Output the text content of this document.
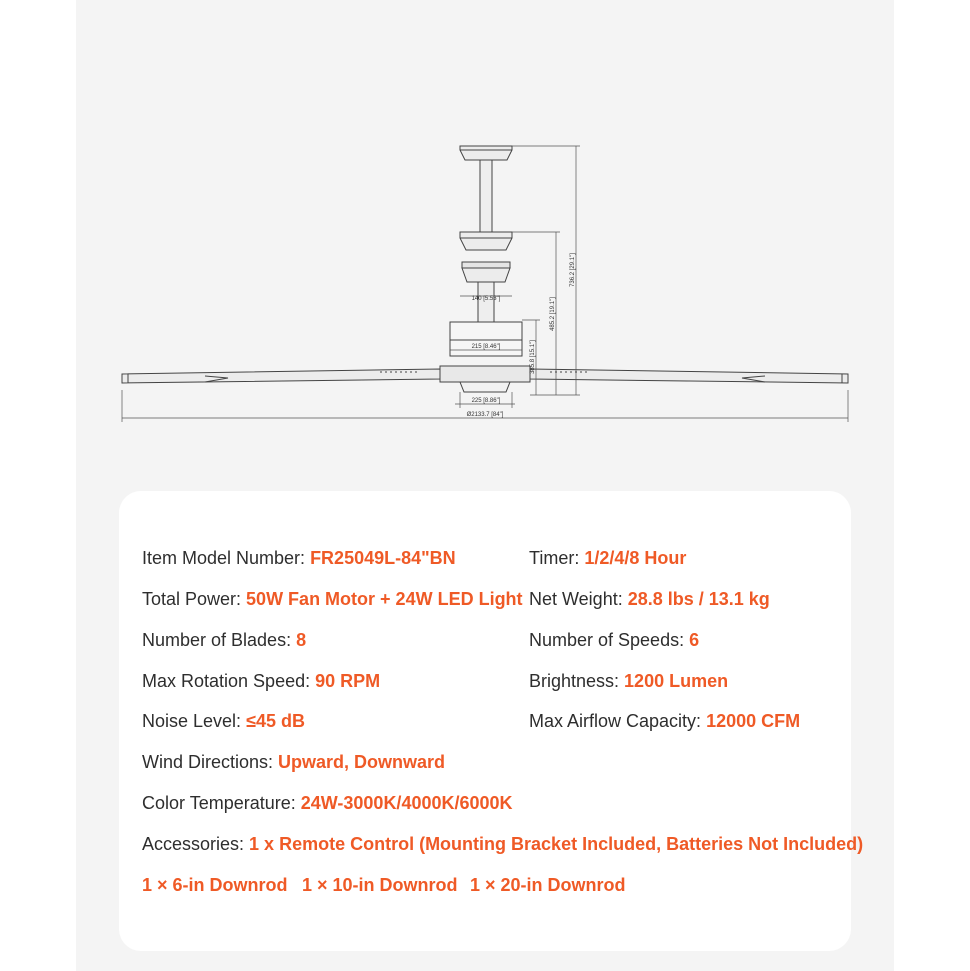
140 [5.53"]
215 [8.46"]
225 [8.86"]
Ø2133.7 [84"]
385.8 [15.1"]
485.2 [19.1"]
736.2 [29.1"]
Item Model Number: FR25049L-84"BN
Total Power: 50W Fan Motor + 24W LED Light
Number of Blades: 8
Max Rotation Speed: 90 RPM
Noise Level: ≤45 dB
Wind Directions: Upward, Downward
Color Temperature: 24W-3000K/4000K/6000K
Accessories: 1 x Remote Control (Mounting Bracket Included, Batteries Not Included)
Timer: 1/2/4/8 Hour
Net Weight: 28.8 lbs / 13.1 kg
Number of Speeds: 6
Brightness: 1200 Lumen
Max Airflow Capacity: 12000 CFM
1 × 6-in Downrod 1 × 10-in Downrod 1 × 20-in Downrod
